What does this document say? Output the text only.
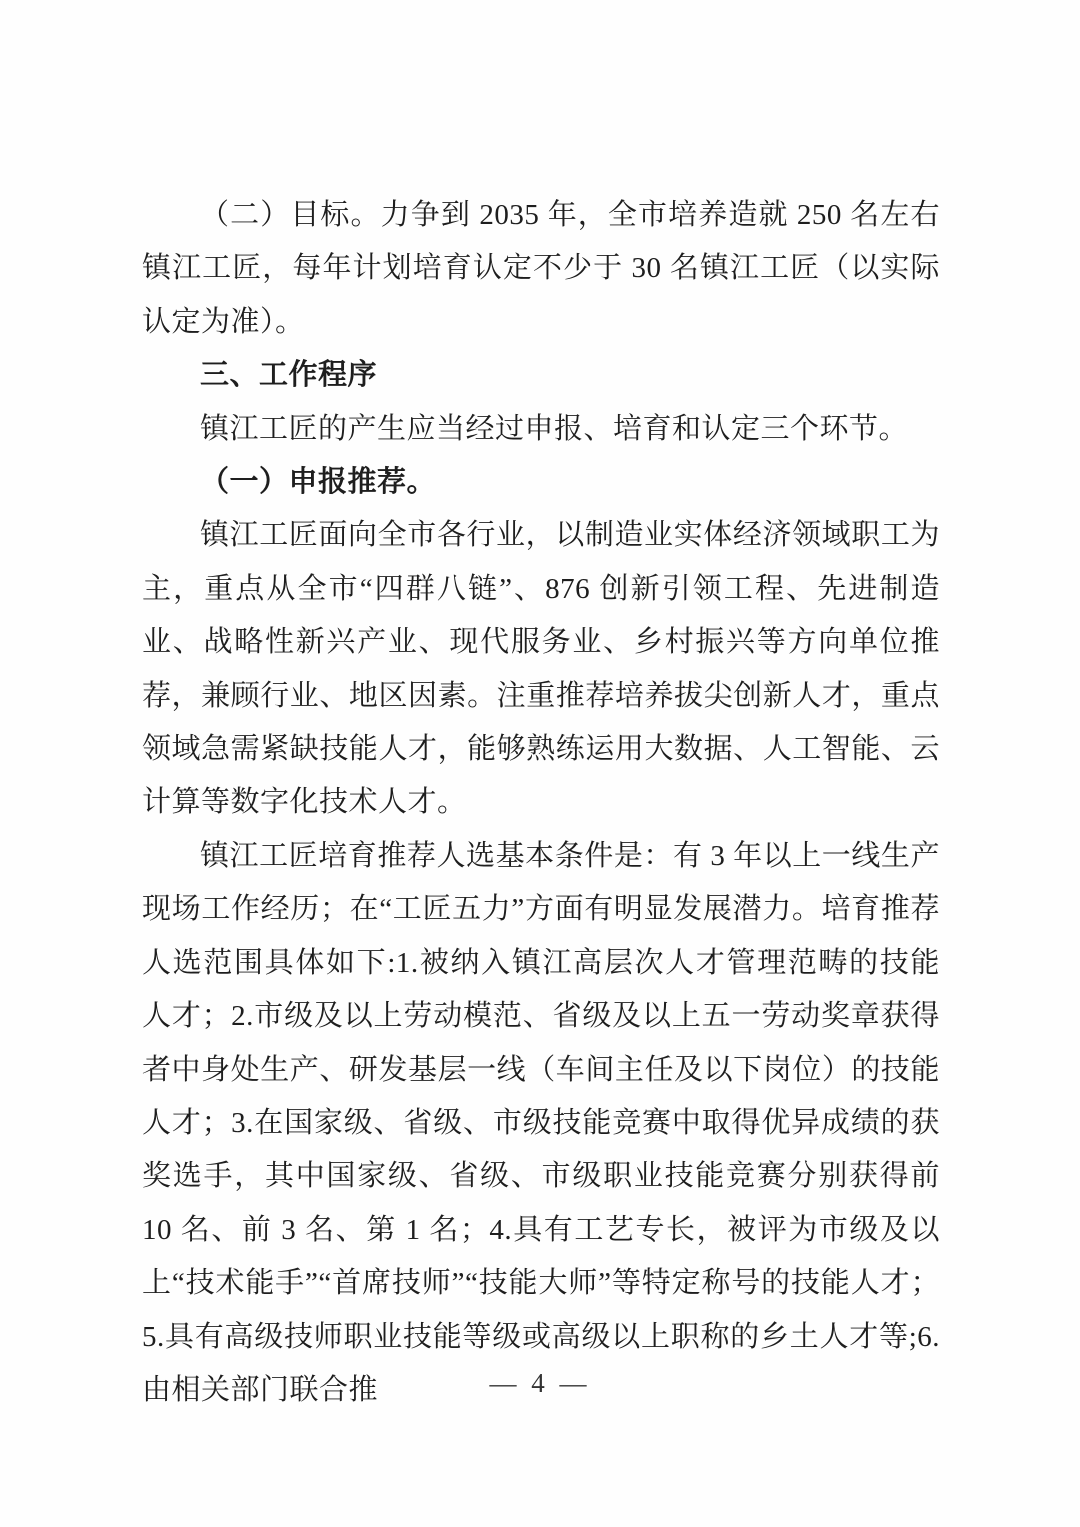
（二）目标。力争到 2035 年，全市培养造就 250 名左右镇江工匠，每年计划培育认定不少于 30 名镇江工匠（以实际认定为准）。

三、工作程序

镇江工匠的产生应当经过申报、培育和认定三个环节。

（一）申报推荐。

镇江工匠面向全市各行业，以制造业实体经济领域职工为主，重点从全市“四群八链”、876 创新引领工程、先进制造业、战略性新兴产业、现代服务业、乡村振兴等方向单位推荐，兼顾行业、地区因素。注重推荐培养拔尖创新人才，重点领域急需紧缺技能人才，能够熟练运用大数据、人工智能、云计算等数字化技术人才。

镇江工匠培育推荐人选基本条件是：有 3 年以上一线生产现场工作经历；在“工匠五力”方面有明显发展潜力。培育推荐人选范围具体如下:1.被纳入镇江高层次人才管理范畴的技能人才；2.市级及以上劳动模范、省级及以上五一劳动奖章获得者中身处生产、研发基层一线（车间主任及以下岗位）的技能人才；3.在国家级、省级、市级技能竞赛中取得优异成绩的获奖选手，其中国家级、省级、市级职业技能竞赛分别获得前 10 名、前 3 名、第 1 名；4.具有工艺专长，被评为市级及以上“技术能手”“首席技师”“技能大师”等特定称号的技能人才；5.具有高级技师职业技能等级或高级以上职称的乡土人才等;6.由相关部门联合推	— 4 —
